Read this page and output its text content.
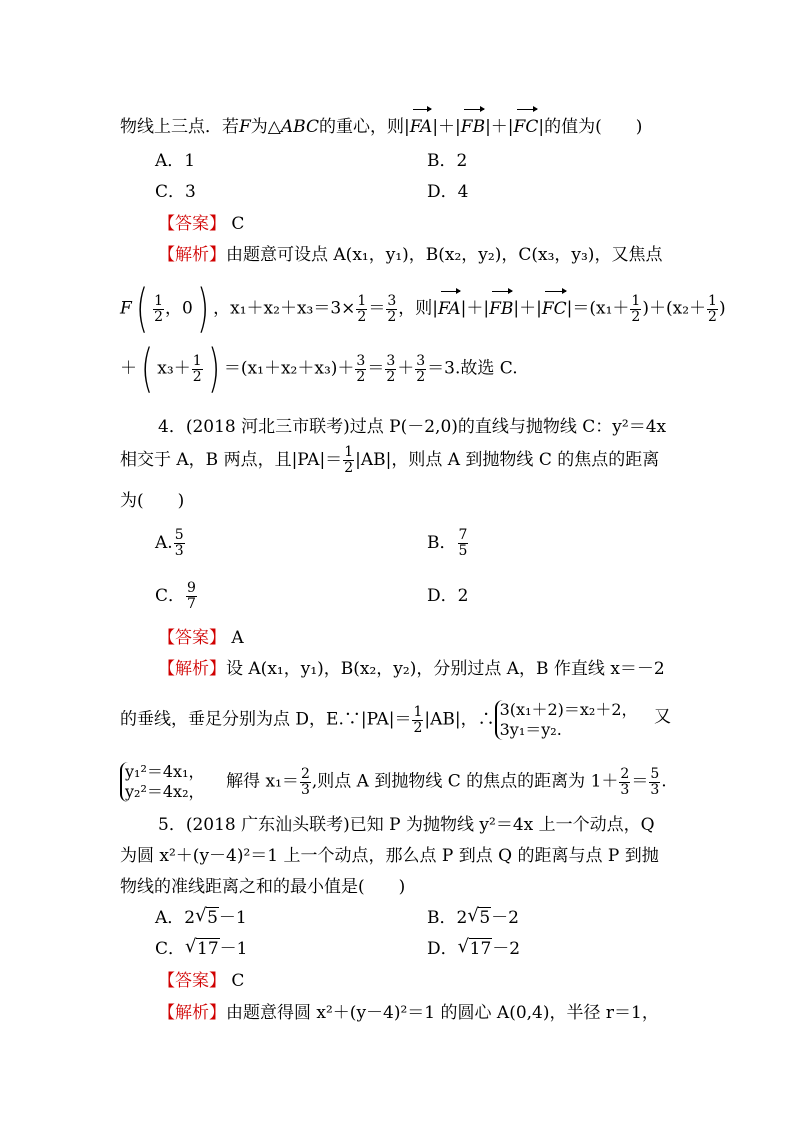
物线上三点．若F为△ABC的重心，则|FA|＋|FB|＋|FC|的值为(　　)
A．1	B．2
C．3	D．4
【答案】 C
【解析】由题意可设点 A(x₁，y₁)，B(x₂，y₂)，C(x₃，y₃)，又焦点
$F( \frac{1}{2}$ ，0) ，$x_1+x_2+x_3=3\times \frac{1}{2} = \frac{3}{2}$ ，则$|FA|+|FB|+|FC|=(x_1+ \frac{1}{2} )+(x_2+ \frac{1}{2}$ )
＋( $x_3+ \frac{1}{2}$ ) $=(x_1+x_2+x_3)+ \frac{3}{2} = \frac{3}{2} + \frac{3}{2} =3$.故选 C.
4．(2018 河北三市联考)过点 P(－2,0)的直线与抛物线 C：y²＝4x
相交于 A，B 两点，且$|PA|= \frac{1}{2} |AB|$，则点 A 到抛物线 C 的焦点的距离
为(　　)
A. $\frac{5}{3}$	B． $\frac{7}{5}$
C． $\frac{9}{7}$	D．2
【答案】 A
【解析】设 A(x₁，y₁)，B(x₂，y₂)，分别过点 A，B 作直线 x＝－2
的垂线，垂足分别为点 D，E.∵|PA|＝ $\frac{1}{2} |AB|$，∴ 3(x₁＋2)＝x₂＋2，
3y₁＝y₂.
又
y₁²＝4x₁，
y₂²＝4x₂， 解得 $x_1= \frac{2}{3}$ ,则点 A 到抛物线 C 的焦点的距离为 $1+ \frac{2}{3} = \frac{5}{3}$ .
5．(2018 广东汕头联考)已知 P 为抛物线 y²＝4x 上一个动点，Q
为圆 x²＋(y－4)²＝1 上一个动点，那么点 P 到点 Q 的距离与点 P 到抛
物线的准线距离之和的最小值是(　　)
A．2 √ 5－1	B．2 √ 5－2
C． √ 17－1	D． √ 17－2
【答案】 C
【解析】由题意得圆 x²＋(y－4)²＝1 的圆心 A(0,4)，半径 r＝1，
